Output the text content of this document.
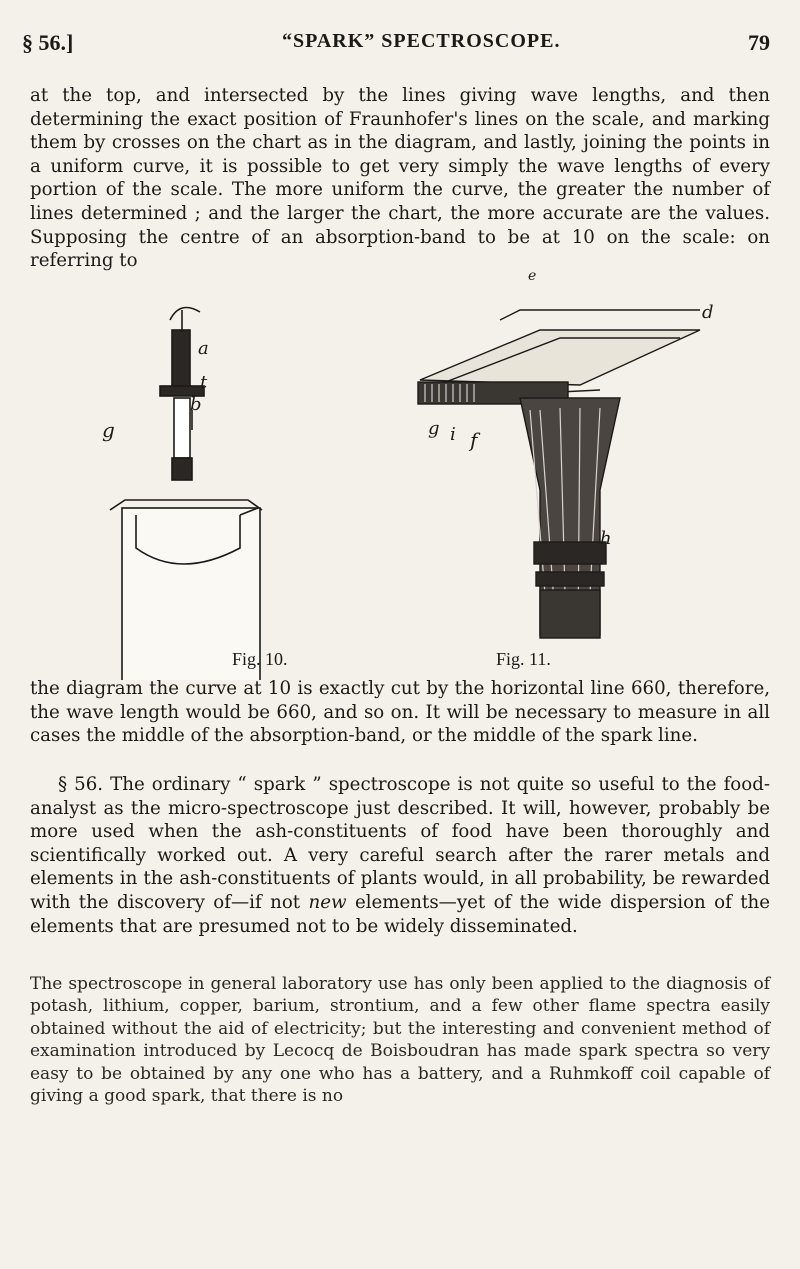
§ 56.]	“SPARK” SPECTROSCOPE.	79

at the top, and intersected by the lines giving wave lengths, and then determining the exact position of Fraunhofer's lines on the scale, and marking them by crosses on the chart as in the diagram, and lastly, joining the points in a uniform curve, it is possible to get very simply the wave lengths of every portion of the scale. The more uniform the curve, the greater the number of lines determined ; and the larger the chart, the more accurate are the values. Supposing the centre of an absorption-band to be at 10 on the scale: on referring to

a
t
b
g
e
d
g i f
h
Fig. 10.	Fig. 11.

the diagram the curve at 10 is exactly cut by the horizontal line 660, therefore, the wave length would be 660, and so on. It will be necessary to measure in all cases the middle of the absorption-band, or the middle of the spark line.

§ 56. The ordinary “ spark ” spectroscope is not quite so useful to the food-analyst as the micro-spectroscope just described. It will, however, probably be more used when the ash-constituents of food have been thoroughly and scientifically worked out. A very careful search after the rarer metals and elements in the ash-constituents of plants would, in all probability, be rewarded with the discovery of—if not new elements—yet of the wide dispersion of the elements that are presumed not to be widely disseminated.

The spectroscope in general laboratory use has only been applied to the diagnosis of potash, lithium, copper, barium, strontium, and a few other flame spectra easily obtained without the aid of electricity; but the interesting and convenient method of examination introduced by Lecocq de Boisboudran has made spark spectra so very easy to be obtained by any one who has a battery, and a Ruhmkoff coil capable of giving a good spark, that there is no
